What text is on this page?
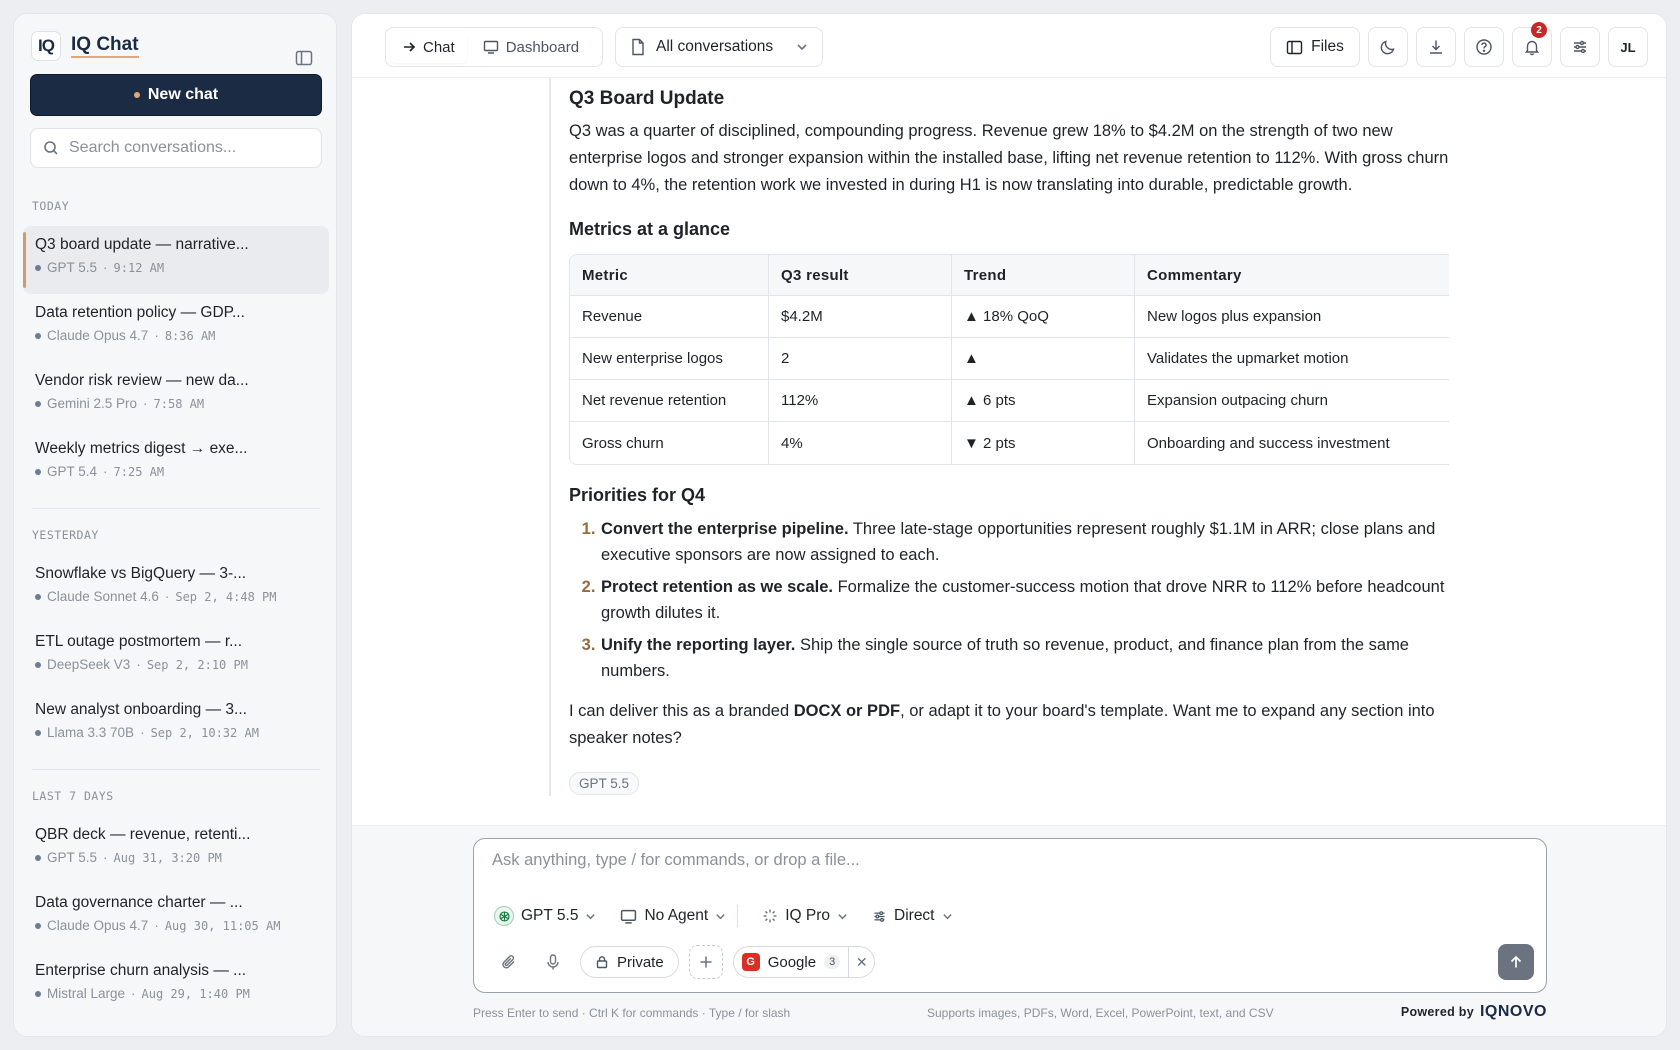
IQ IQ Chat
New chat
Search conversations...
TODAY
Q3 board update — narrative...
GPT 5.5 · 9:12 AM
Data retention policy — GDP...
Claude Opus 4.7 · 8:36 AM
Vendor risk review — new da...
Gemini 2.5 Pro · 7:58 AM
Weekly metrics digest → exe...
GPT 5.4 · 7:25 AM
YESTERDAY
Snowflake vs BigQuery — 3-...
Claude Sonnet 4.6 · Sep 2, 4:48 PM
ETL outage postmortem — r...
DeepSeek V3 · Sep 2, 2:10 PM
New analyst onboarding — 3...
Llama 3.3 70B · Sep 2, 10:32 AM
LAST 7 DAYS
QBR deck — revenue, retenti...
GPT 5.5 · Aug 31, 3:20 PM
Data governance charter — ...
Claude Opus 4.7 · Aug 30, 11:05 AM
Enterprise churn analysis — ...
Mistral Large · Aug 29, 1:40 PM
Chat	Dashboard	All conversations	Files
2
JL
Q3 Board Update

Q3 was a quarter of disciplined, compounding progress. Revenue grew 18% to $4.2M on the strength of two new enterprise logos and stronger expansion within the installed base, lifting net revenue retention to 112%. With gross churn down to 4%, the retention work we invested in during H1 is now translating into durable, predictable growth.

Metrics at a glance
Metric	Q3 result	Trend	Commentary
Revenue	$4.2M	▲ 18% QoQ	New logos plus expansion
New enterprise logos	2	▲	Validates the upmarket motion
Net revenue retention	112%	▲ 6 pts	Expansion outpacing churn
Gross churn	4%	▼ 2 pts	Onboarding and success investment
Priorities for Q4
1. Convert the enterprise pipeline. Three late-stage opportunities represent roughly $1.1M in ARR; close plans and executive sponsors are now assigned to each.
2. Protect retention as we scale. Formalize the customer-success motion that drove NRR to 112% before headcount growth dilutes it.
3. Unify the reporting layer. Ship the single source of truth so revenue, product, and finance plan from the same numbers.

I can deliver this as a branded DOCX or PDF, or adapt it to your board's template. Want me to expand any section into speaker notes?

GPT 5.5
Ask anything, type / for commands, or drop a file...
GPT 5.5	No Agent	IQ Pro	Direct
Private	G Google	3	✕
Press Enter to send · Ctrl K for commands · Type / for slash	Supports images, PDFs, Word, Excel, PowerPoint, text, and CSV	Powered by IQNOVO
